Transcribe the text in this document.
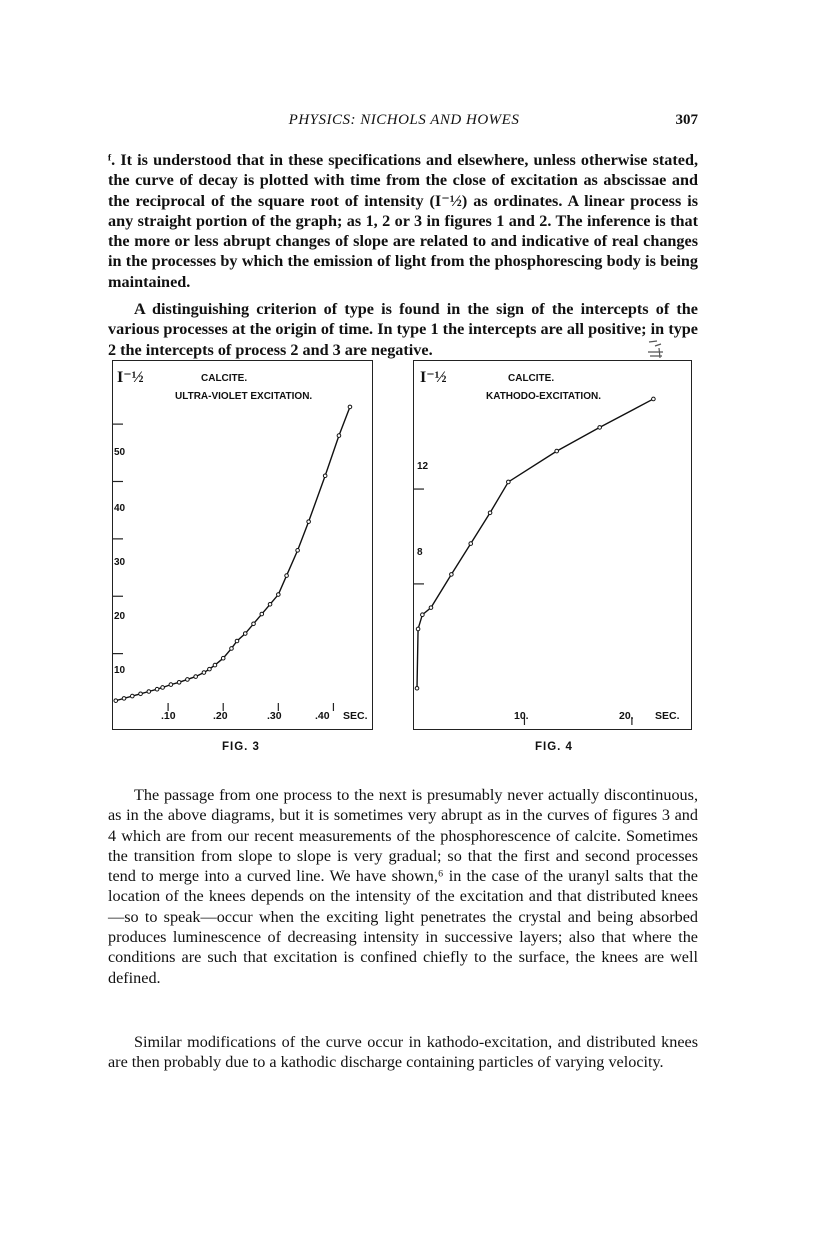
PHYSICS: NICHOLS AND HOWES	307

ᶠ. It is understood that in these specifications and elsewhere, unless otherwise stated, the curve of decay is plotted with time from the close of excitation as abscissae and the reciprocal of the square root of intensity (I⁻½) as ordinates. A linear process is any straight portion of the graph; as 1, 2 or 3 in figures 1 and 2. The inference is that the more or less abrupt changes of slope are related to and indicative of real changes in the processes by which the emission of light from the phosphorescing body is being maintained.

A distinguishing criterion of type is found in the sign of the intercepts of the various processes at the origin of time. In type 1 the intercepts are all positive; in type 2 the intercepts of process 2 and 3 are negative.

I⁻½	CALCITE.
ULTRA-VIOLET EXCITATION.
SEC.
50
40
30
20
10
.10	.20	.30	.40
FIG. 3
I⁻½	CALCITE.
KATHODO-EXCITATION.
SEC.
12
8
10.	20.
FIG. 4

The passage from one process to the next is presumably never actually discontinuous, as in the above diagrams, but it is sometimes very abrupt as in the curves of figures 3 and 4 which are from our recent measurements of the phosphorescence of calcite. Sometimes the transition from slope to slope is very gradual; so that the first and second processes tend to merge into a curved line. We have shown,⁶ in the case of the uranyl salts that the location of the knees depends on the intensity of the excitation and that distributed knees —so to speak—occur when the exciting light penetrates the crystal and being absorbed produces luminescence of decreasing intensity in successive layers; also that where the conditions are such that excitation is confined chiefly to the surface, the knees are well defined.

Similar modifications of the curve occur in kathodo-excitation, and distributed knees are then probably due to a kathodic discharge containing particles of varying velocity.
